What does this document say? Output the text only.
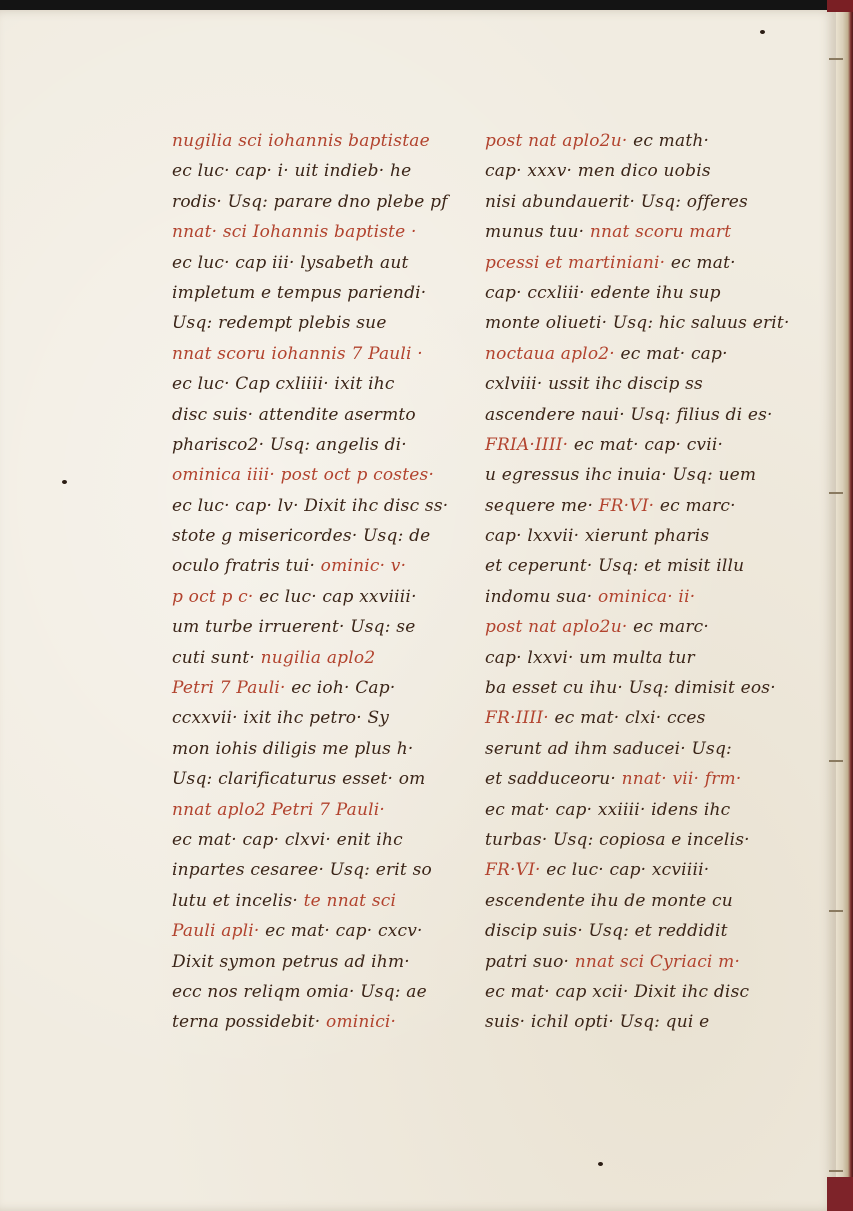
nugilia sci iohannis baptistae
ec luc· cap· i· uit indieb· he
rodis· Usq: parare dno plebe pf
nnat· sci Iohannis baptiste ·
ec luc· cap iii· lysabeth aut
impletum e tempus pariendi·
Usq: redempt plebis sue
nnat scoru iohannis 7 Pauli ·
ec luc· Cap cxliiii· ixit ihc
disc suis· attendite asermto
pharisco2· Usq: angelis di·
ominica iiii· post oct p costes·
ec luc· cap· lv· Dixit ihc disc ss·
stote g misericordes· Usq: de
oculo fratris tui· ominic· v·
p oct p c· ec luc· cap xxviiii·
um turbe irruerent· Usq: se
cuti sunt· nugilia aplo2
Petri 7 Pauli· ec ioh· Cap·
ccxxvii· ixit ihc petro· Sy
mon iohis diligis me plus h·
Usq: clarificaturus esset· om
nnat aplo2 Petri 7 Pauli·
ec mat· cap· clxvi· enit ihc
inpartes cesaree· Usq: erit so
lutu et incelis· te nnat sci
Pauli apli· ec mat· cap· cxcv·
Dixit symon petrus ad ihm·
ecc nos reliqm omia· Usq: ae
terna possidebit· ominici·
post nat aplo2u· ec math·
cap· xxxv· men dico uobis
nisi abundauerit· Usq: offeres
munus tuu· nnat scoru mart
pcessi et martiniani· ec mat·
cap· ccxliii· edente ihu sup
monte oliueti· Usq: hic saluus erit·
noctaua aplo2· ec mat· cap·
cxlviii· ussit ihc discip ss
ascendere naui· Usq: filius di es·
FRIA·IIII· ec mat· cap· cvii·
u egressus ihc inuia· Usq: uem
sequere me· FR·VI· ec marc·
cap· lxxvii· xierunt pharis
et ceperunt· Usq: et misit illu
indomu sua· ominica· ii·
post nat aplo2u· ec marc·
cap· lxxvi· um multa tur
ba esset cu ihu· Usq: dimisit eos·
FR·IIII· ec mat· clxi· cces
serunt ad ihm saducei· Usq:
et sadduceoru· nnat· vii· frm·
ec mat· cap· xxiiii· idens ihc
turbas· Usq: copiosa e incelis·
FR·VI· ec luc· cap· xcviiii·
escendente ihu de monte cu
discip suis· Usq: et reddidit
patri suo· nnat sci Cyriaci m·
ec mat· cap xcii· Dixit ihc disc
suis· ichil opti· Usq: qui e
